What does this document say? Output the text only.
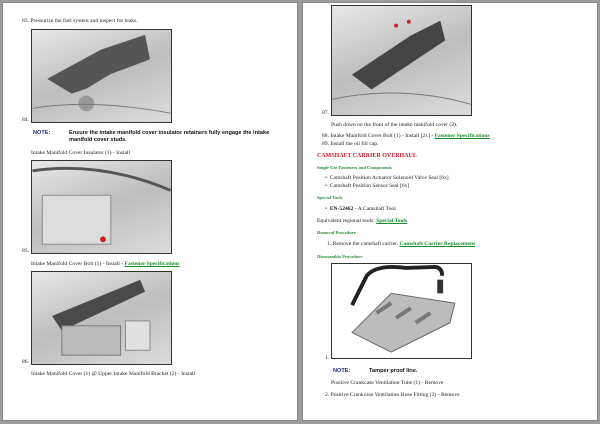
83. Pressurize the fuel system and inspect for leaks.
84.
NOTE:	Ensure the intake manifold cover insulator retainers fully engage the intake
manifold cover studs.
Intake Manifold Cover Insulator (1) - Install
85.
Intake Manifold Cover Bolt (1) - Install - Fastener Specifications
86.
Intake Manifold Cover (1) @ Upper Intake Manifold Bracket (2) - Install
87.
Push down on the front of the intake manifold cover (2).
88. Intake Manifold Cover Bolt (1) - Install [2x] - Fastener Specifications
89. Install the oil fill cap.
CAMSHAFT CARRIER OVERHAUL
Single Use Fasteners and Components
•  Camshaft Position Actuator Solenoid Valve Seal [6x]
•  Camshaft Position Sensor Seal [6x]
Special Tools
•  EN-52462 - A Camshaft Tool
Equivalent regional tools: Special Tools
Removal Procedure
1. Remove the camshaft carrier. Camshaft Carrier Replacement
Disassemble Procedure
1.
NOTE:	Tamper proof line.
Positive Crankcase Ventilation Tube (1) - Remove
2. Positive Crankcase Ventilation Hose Fitting (2) - Remove
